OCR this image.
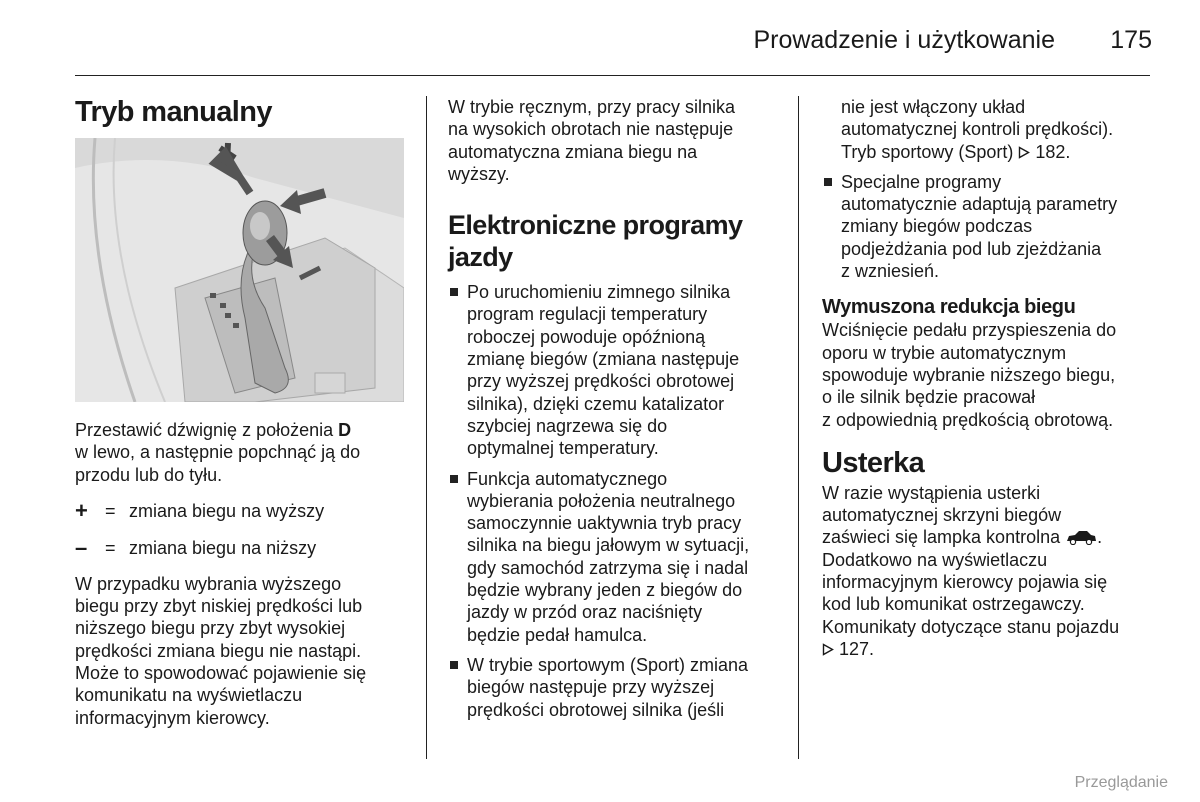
Prowadzenie i użytkowanie 175
Tryb manualny

Przestawić dźwignię z położenia D
w lewo, a następnie popchnąć ją do
przodu lub do tyłu.

+ = zmiana biegu na wyższy
– = zmiana biegu na niższy

W przypadku wybrania wyższego
biegu przy zbyt niskiej prędkości lub
niższego biegu przy zbyt wysokiej
prędkości zmiana biegu nie nastąpi.
Może to spowodować pojawienie się
komunikatu na wyświetlaczu
informacyjnym kierowcy.

W trybie ręcznym, przy pracy silnika
na wysokich obrotach nie następuje
automatyczna zmiana biegu na
wyższy.

Elektroniczne programy
jazdy

Po uruchomieniu zimnego silnika
program regulacji temperatury
roboczej powoduje opóźnioną
zmianę biegów (zmiana następuje
przy wyższej prędkości obrotowej
silnika), dzięki czemu katalizator
szybciej nagrzewa się do
optymalnej temperatury.

Funkcja automatycznego
wybierania położenia neutralnego
samoczynnie uaktywnia tryb pracy
silnika na biegu jałowym w sytuacji,
gdy samochód zatrzyma się i nadal
będzie wybrany jeden z biegów do
jazdy w przód oraz naciśnięty
będzie pedał hamulca.

W trybie sportowym (Sport) zmiana
biegów następuje przy wyższej
prędkości obrotowej silnika (jeśli

nie jest włączony układ
automatycznej kontroli prędkości).
Tryb sportowy (Sport)  182.

Specjalne programy
automatycznie adaptują parametry
zmiany biegów podczas
podjeżdżania pod lub zjeżdżania
z wzniesień.

Wymuszona redukcja biegu

Wciśnięcie pedału przyspieszenia do
oporu w trybie automatycznym
spowoduje wybranie niższego biegu,
o ile silnik będzie pracował
z odpowiednią prędkością obrotową.

Usterka

W razie wystąpienia usterki
automatycznej skrzyni biegów
zaświeci się lampka kontrolna .
Dodatkowo na wyświetlaczu
informacyjnym kierowcy pojawia się
kod lub komunikat ostrzegawczy.
Komunikaty dotyczące stanu pojazdu
127.

Przeglądanie
